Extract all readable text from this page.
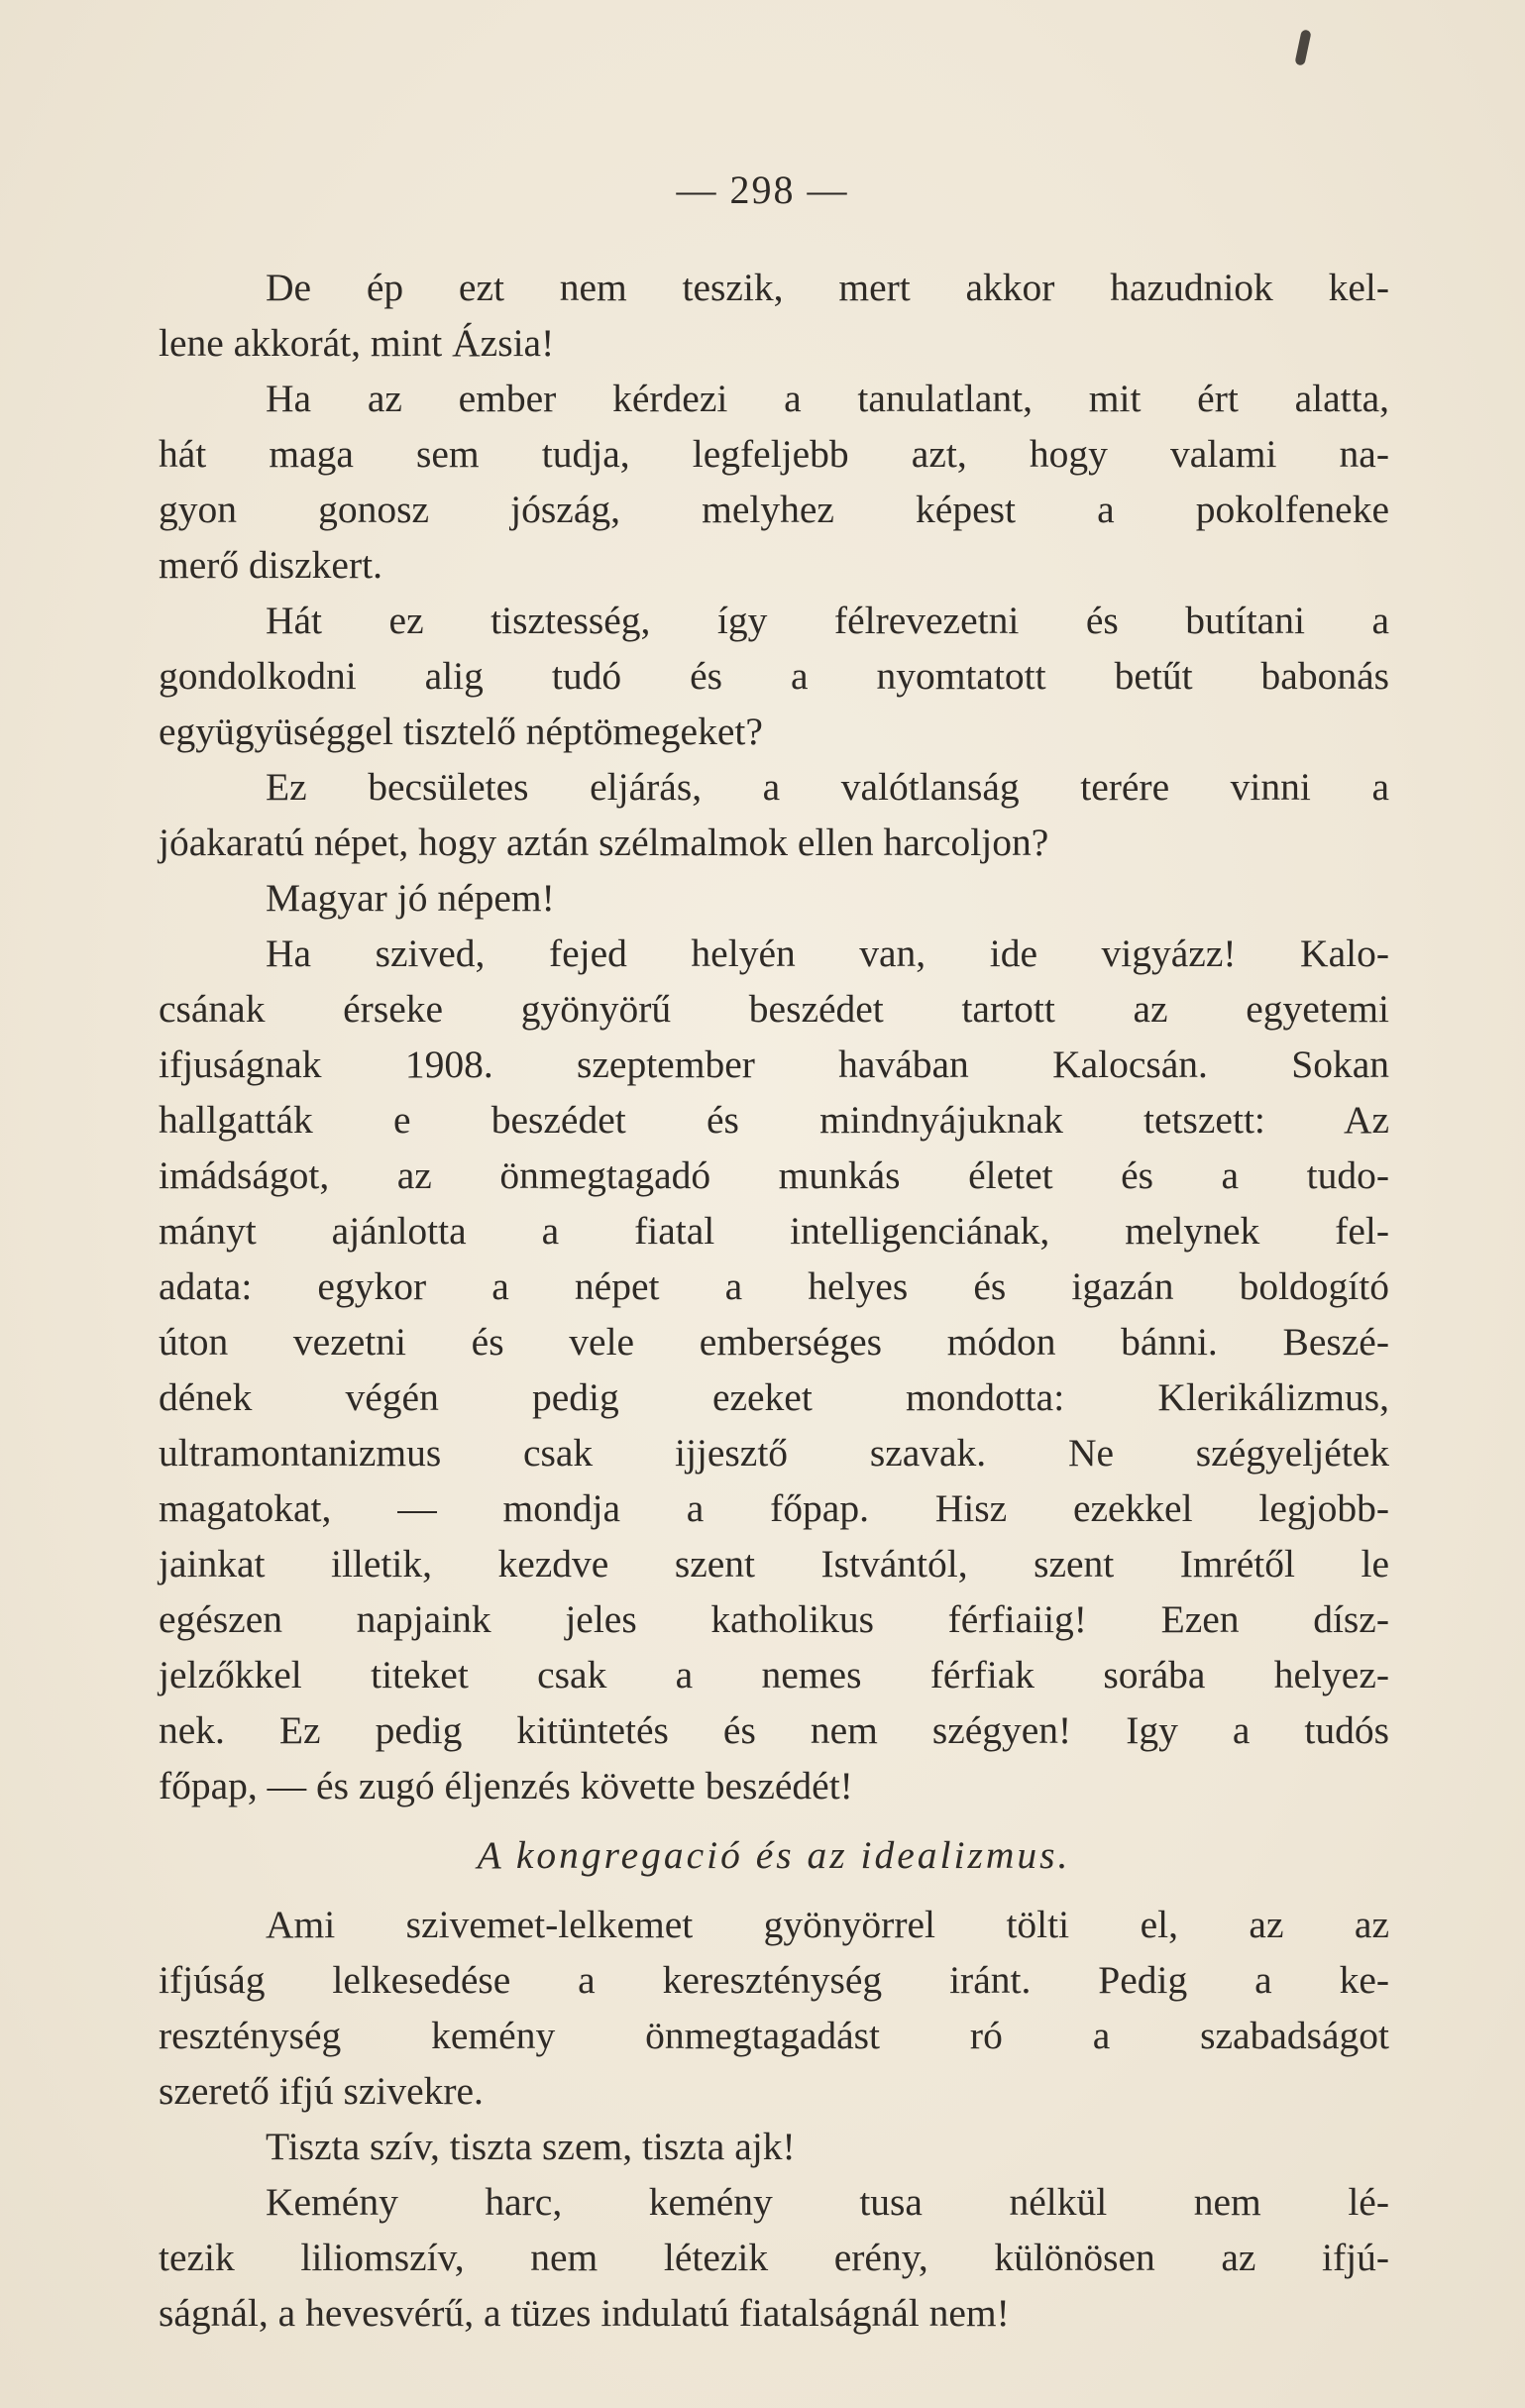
— 298 —
De ép ezt nem teszik, mert akkor hazudniok kel-
lene akkorát, mint Ázsia!
Ha az ember kérdezi a tanulatlant, mit ért alatta,
hát maga sem tudja, legfeljebb azt, hogy valami na-
gyon gonosz jószág, melyhez képest a pokolfeneke
merő diszkert.
Hát ez tisztesség, így félrevezetni és butítani a
gondolkodni alig tudó és a nyomtatott betűt babonás
együgyüséggel tisztelő néptömegeket?
Ez becsületes eljárás, a valótlanság terére vinni a
jóakaratú népet, hogy aztán szélmalmok ellen harcoljon?
Magyar jó népem!
Ha szived, fejed helyén van, ide vigyázz! Kalo-
csának érseke gyönyörű beszédet tartott az egyetemi
ifjuságnak 1908. szeptember havában Kalocsán. Sokan
hallgatták e beszédet és mindnyájuknak tetszett: Az
imádságot, az önmegtagadó munkás életet és a tudo-
mányt ajánlotta a fiatal intelligenciának, melynek fel-
adata: egykor a népet a helyes és igazán boldogító
úton vezetni és vele emberséges módon bánni. Beszé-
dének végén pedig ezeket mondotta: Klerikálizmus,
ultramontanizmus csak ijjesztő szavak. Ne szégyeljétek
magatokat, — mondja a főpap. Hisz ezekkel legjobb-
jainkat illetik, kezdve szent Istvántól, szent Imrétől le
egészen napjaink jeles katholikus férfiaiig! Ezen dísz-
jelzőkkel titeket csak a nemes férfiak sorába helyez-
nek. Ez pedig kitüntetés és nem szégyen! Igy a tudós
főpap, — és zugó éljenzés követte beszédét!
A kongregació és az idealizmus.
Ami szivemet-lelkemet gyönyörrel tölti el, az az
ifjúság lelkesedése a kereszténység iránt. Pedig a ke-
reszténység kemény önmegtagadást ró a szabadságot
szerető ifjú szivekre.
Tiszta szív, tiszta szem, tiszta ajk!
Kemény harc, kemény tusa nélkül nem lé-
tezik liliomszív, nem létezik erény, különösen az ifjú-
ságnál, a hevesvérű, a tüzes indulatú fiatalságnál nem!
